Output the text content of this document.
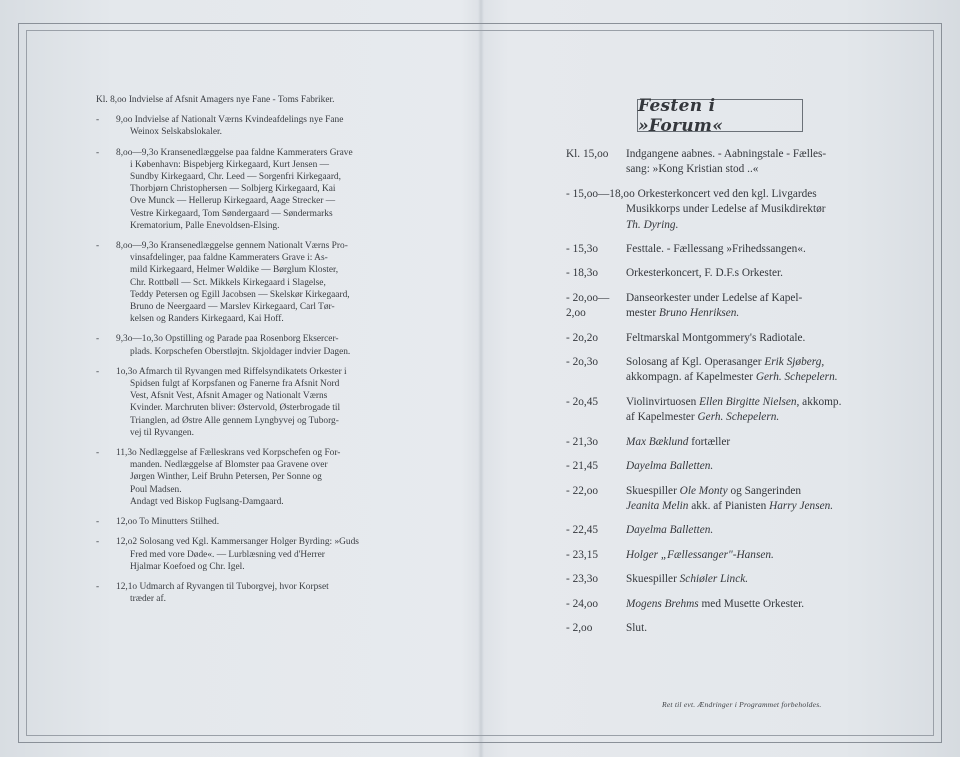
Kl. 8,oo Indvielse af Afsnit Amagers nye Fane - Toms Fabriker.
-	9,oo Indvielse af Nationalt Værns Kvindeafdelings nye Fane
Weinox Selskabslokaler.
-	8,oo—9,3o Kransenedlæggelse paa faldne Kammeraters Grave
i København: Bispebjerg Kirkegaard, Kurt Jensen —
Sundby Kirkegaard, Chr. Leed — Sorgenfri Kirkegaard,
Thorbjørn Christophersen — Solbjerg Kirkegaard, Kai
Ove Munck — Hellerup Kirkegaard, Aage Strecker —
Vestre Kirkegaard, Tom Søndergaard — Søndermarks
Krematorium, Palle Enevoldsen-Elsing.
-	8,oo—9,3o Kransenedlæggelse gennem Nationalt Værns Pro-
vinsafdelinger, paa faldne Kammeraters Grave i: As-
mild Kirkegaard, Helmer Wøldike — Børglum Kloster,
Chr. Rottbøll — Sct. Mikkels Kirkegaard i Slagelse,
Teddy Petersen og Egill Jacobsen — Skelskør Kirkegaard,
Bruno de Neergaard — Marslev Kirkegaard, Carl Tør-
kelsen og Randers Kirkegaard, Kai Hoff.
-	9,3o—1o,3o Opstilling og Parade paa Rosenborg Eksercer-
plads. Korpschefen Oberstløjtn. Skjoldager indvier Dagen.
-	1o,3o Afmarch til Ryvangen med Riffelsyndikatets Orkester i
Spidsen fulgt af Korpsfanen og Fanerne fra Afsnit Nord
Vest, Afsnit Vest, Afsnit Amager og Nationalt Værns
Kvinder. Marchruten bliver: Østervold, Østerbrogade til
Trianglen, ad Østre Alle gennem Lyngbyvej og Tuborg-
vej til Ryvangen.
-	11,3o Nedlæggelse af Fælleskrans ved Korpschefen og For-
manden. Nedlæggelse af Blomster paa Gravene over
Jørgen Winther, Leif Bruhn Petersen, Per Sonne og
Poul Madsen.
Andagt ved Biskop Fuglsang-Damgaard.
-	12,oo To Minutters Stilhed.
-	12,o2 Solosang ved Kgl. Kammersanger Holger Byrding: »Guds
Fred med vore Døde«. — Lurblæsning ved d'Herrer
Hjalmar Koefoed og Chr. Igel.
-	12,1o Udmarch af Ryvangen til Tuborgvej, hvor Korpset
træder af.
Festen i »Forum«
Kl. 15,oo	Indgangene aabnes. - Aabningstale - Fælles-
sang: »Kong Kristian stod ..«
- 15,oo—18,oo Orkesterkoncert ved den kgl. Livgardes
Musikkorps under Ledelse af Musikdirektør
Th. Dyring.
- 15,3o	Festtale. - Fællessang »Frihedssangen«.
- 18,3o	Orkesterkoncert, F. D.F.s Orkester.
- 2o,oo—2,oo
Danseorkester under Ledelse af Kapel-
mester Bruno Henriksen.
- 2o,2o	Feltmarskal Montgommery's Radiotale.
- 2o,3o	Solosang af Kgl. Operasanger Erik Sjøberg,
akkompagn. af Kapelmester Gerh. Schepelern.
- 2o,45	Violinvirtuosen Ellen Birgitte Nielsen, akkomp.
af Kapelmester Gerh. Schepelern.
- 21,3o	Max Bæklund fortæller
- 21,45	Dayelma Balletten.
- 22,oo	Skuespiller Ole Monty og Sangerinden
Jeanita Melin akk. af Pianisten Harry Jensen.
- 22,45	Dayelma Balletten.
- 23,15	Holger „Fællessanger"-Hansen.
- 23,3o	Skuespiller Schiøler Linck.
- 24,oo	Mogens Brehms med Musette Orkester.
- 2,oo	Slut.
Ret til evt. Ændringer i Programmet forbeholdes.
